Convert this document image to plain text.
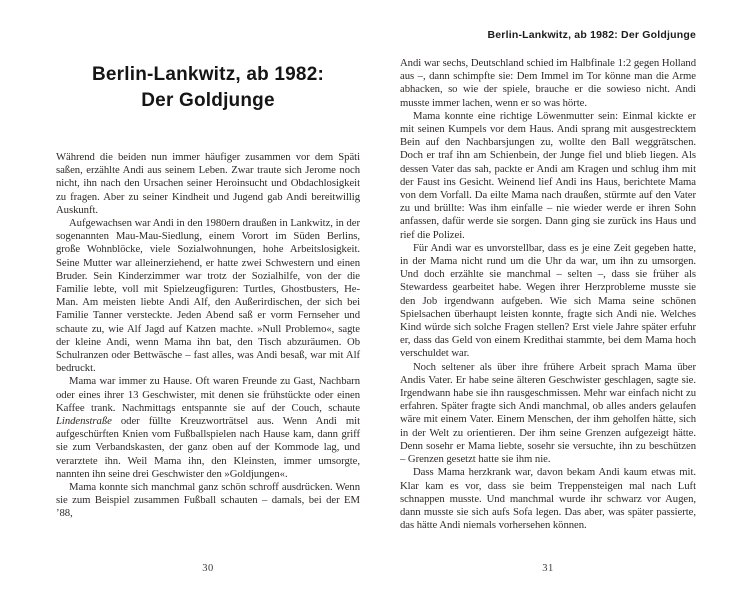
Berlin-Lankwitz, ab 1982:
Der Goldjunge

Während die beiden nun immer häufiger zusammen vor dem Späti saßen, erzählte Andi aus seinem Leben. Zwar traute sich Jerome noch nicht, ihn nach den Ursachen seiner Heroinsucht und Obdachlosigkeit zu fragen. Aber zu seiner Kindheit und Jugend gab Andi bereitwillig Auskunft.

Aufgewachsen war Andi in den 1980ern draußen in Lankwitz, in der sogenannten Mau-Mau-Siedlung, einem Vorort im Süden Berlins, große Wohnblöcke, viele Sozialwohnungen, hohe Arbeitslosigkeit. Seine Mutter war alleinerziehend, er hatte zwei Schwestern und einen Bruder. Sein Kinderzimmer war trotz der Sozialhilfe, von der die Familie lebte, voll mit Spielzeugfiguren: Turtles, Ghostbusters, He-Man. Am meisten liebte Andi Alf, den Außerirdischen, der sich bei Familie Tanner versteckte. Jeden Abend saß er vorm Fernseher und schaute zu, wie Alf Jagd auf Katzen machte. »Null Problemo«, sagte der kleine Andi, wenn Mama ihn bat, den Tisch abzuräumen. Ob Schulranzen oder Bettwäsche – fast alles, was Andi besaß, war mit Alf bedruckt.

Mama war immer zu Hause. Oft waren Freunde zu Gast, Nachbarn oder eines ihrer 13 Geschwister, mit denen sie frühstückte oder einen Kaffee trank. Nachmittags entspannte sie auf der Couch, schaute Lindenstraße oder füllte Kreuzworträtsel aus. Wenn Andi mit aufgeschürften Knien vom Fußballspielen nach Hause kam, dann griff sie zum Verbandskasten, der ganz oben auf der Kommode lag, und verarztete ihn. Weil Mama ihn, den Kleinsten, immer umsorgte, nannten ihn seine drei Geschwister den »Goldjungen«.

Mama konnte sich manchmal ganz schön schroff ausdrücken. Wenn sie zum Beispiel zusammen Fußball schauten – damals, bei der EM ’88,

30
Berlin-Lankwitz, ab 1982: Der Goldjunge

Andi war sechs, Deutschland schied im Halbfinale 1:2 gegen Holland aus –, dann schimpfte sie: Dem Immel im Tor könne man die Arme abhacken, so wie der spiele, brauche er die sowieso nicht. Andi musste immer lachen, wenn er so was hörte.

Mama konnte eine richtige Löwenmutter sein: Einmal kickte er mit seinen Kumpels vor dem Haus. Andi sprang mit ausgestrecktem Bein auf den Nachbarsjungen zu, wollte den Ball weggrätschen. Doch er traf ihn am Schienbein, der Junge fiel und blieb liegen. Als dessen Vater das sah, packte er Andi am Kragen und schlug ihm mit der Faust ins Gesicht. Weinend lief Andi ins Haus, berichtete Mama von dem Vorfall. Da eilte Mama nach draußen, stürmte auf den Vater zu und brüllte: Was ihm einfalle – nie wieder werde er ihren Sohn anfassen, dafür werde sie sorgen. Dann ging sie zurück ins Haus und rief die Polizei.

Für Andi war es unvorstellbar, dass es je eine Zeit gegeben hatte, in der Mama nicht rund um die Uhr da war, um ihn zu umsorgen. Und doch erzählte sie manchmal – selten –, dass sie früher als Stewardess gearbeitet habe. Wegen ihrer Herzprobleme musste sie den Job irgendwann aufgeben. Wie sich Mama seine schönen Spielsachen überhaupt leisten konnte, fragte sich Andi nie. Welches Kind würde sich solche Fragen stellen? Erst viele Jahre später erfuhr er, dass das Geld von einem Kredithai stammte, bei dem Mama hoch verschuldet war.

Noch seltener als über ihre frühere Arbeit sprach Mama über Andis Vater. Er habe seine älteren Geschwister geschlagen, sagte sie. Irgendwann habe sie ihn rausgeschmissen. Mehr war einfach nicht zu erfahren. Später fragte sich Andi manchmal, ob alles anders gelaufen wäre mit einem Vater. Einem Menschen, der ihm geholfen hätte, sich in der Welt zu orientieren. Der ihm seine Grenzen aufgezeigt hätte. Denn sosehr er Mama liebte, sosehr sie versuchte, ihn zu beschützen – Grenzen gesetzt hatte sie ihm nie.

Dass Mama herzkrank war, davon bekam Andi kaum etwas mit. Klar kam es vor, dass sie beim Treppensteigen mal nach Luft schnappen musste. Und manchmal wurde ihr schwarz vor Augen, dann musste sie sich aufs Sofa legen. Das aber, was später passierte, das hätte Andi niemals vorhersehen können.

31
